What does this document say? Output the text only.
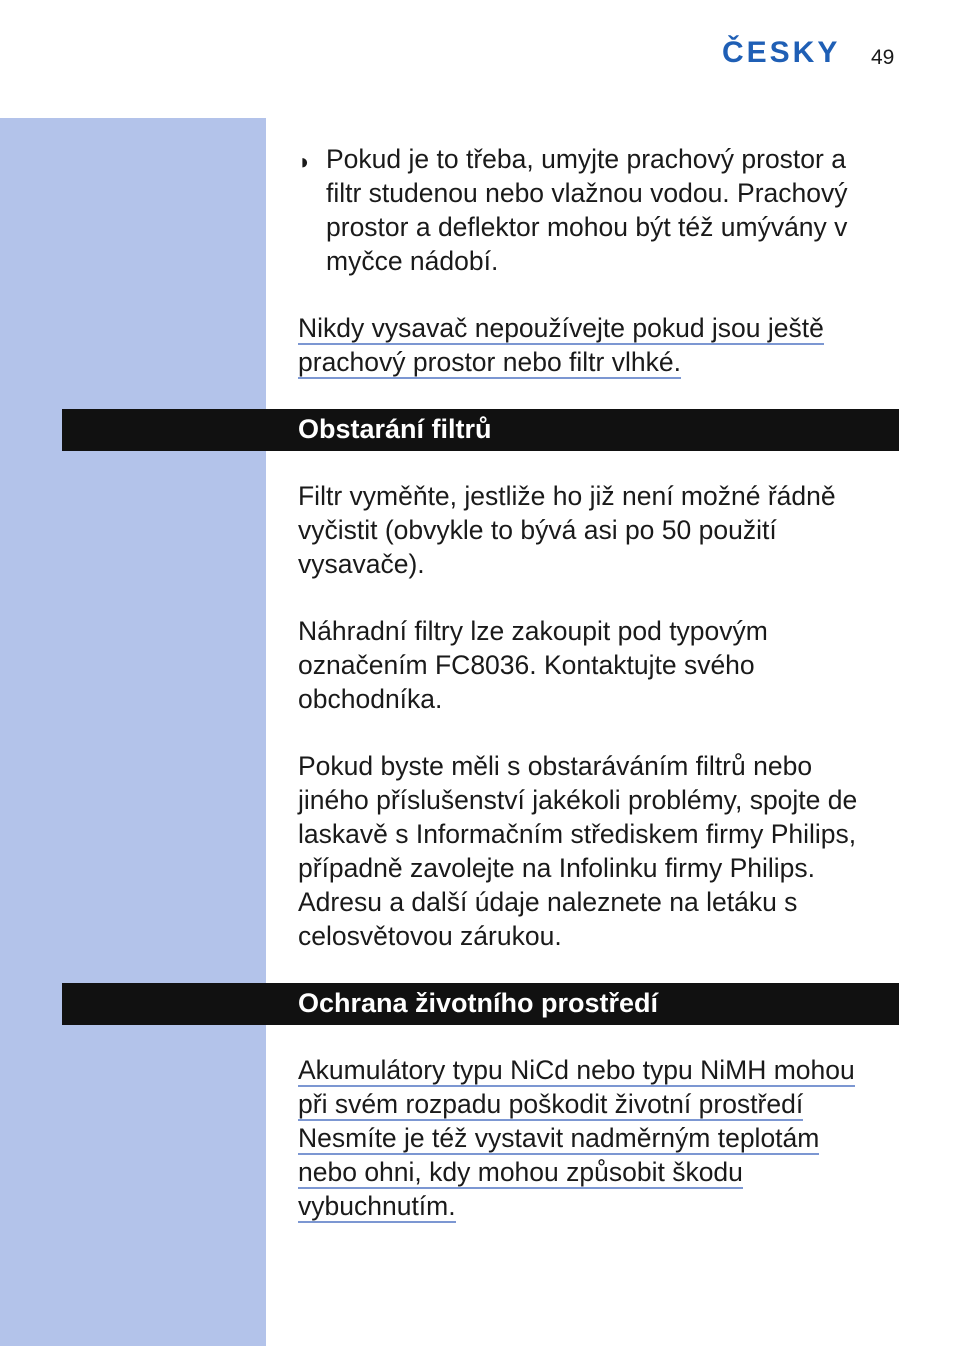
ČESKY 49
◗ Pokud je to třeba, umyjte prachový prostor a
filtr studenou nebo vlažnou vodou. Prachový
prostor a deflektor mohou být též umývány v
myčce nádobí.
Nikdy vysavač nepoužívejte pokud jsou ještě
prachový prostor nebo filtr vlhké.
Obstarání filtrů
Filtr vyměňte, jestliže ho již není možné řádně
vyčistit (obvykle to bývá asi po 50 použití
vysavače).
Náhradní filtry lze zakoupit pod typovým
označením FC8036. Kontaktujte svého
obchodníka.
Pokud byste měli s obstaráváním filtrů nebo
jiného příslušenství jakékoli problémy, spojte de
laskavě s Informačním střediskem firmy Philips,
případně zavolejte na Infolinku firmy Philips.
Adresu a další údaje naleznete na letáku s
celosvětovou zárukou.
Ochrana životního prostředí
Akumulátory typu NiCd nebo typu NiMH mohou
při svém rozpadu poškodit životní prostředí
Nesmíte je též vystavit nadměrným teplotám
nebo ohni, kdy mohou způsobit škodu
vybuchnutím.
